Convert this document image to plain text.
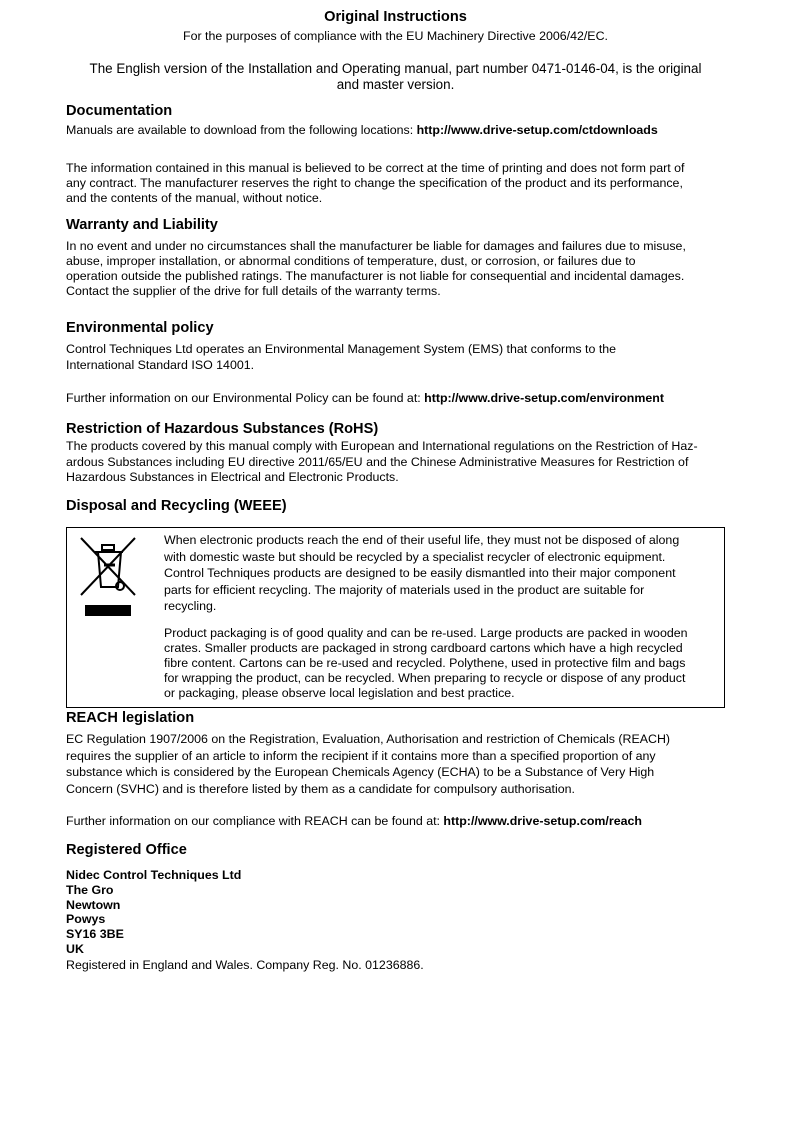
Original Instructions
For the purposes of compliance with the EU Machinery Directive 2006/42/EC.
The English version of the Installation and Operating manual, part number 0471-0146-04, is the original
and master version.
Documentation
Manuals are available to download from the following locations: http://www.drive-setup.com/ctdownloads
The information contained in this manual is believed to be correct at the time of printing and does not form part of
any contract. The manufacturer reserves the right to change the specification of the product and its performance,
and the contents of the manual, without notice.
Warranty and Liability
In no event and under no circumstances shall the manufacturer be liable for damages and failures due to misuse,
abuse, improper installation, or abnormal conditions of temperature, dust, or corrosion, or failures due to
operation outside the published ratings. The manufacturer is not liable for consequential and incidental damages.
Contact the supplier of the drive for full details of the warranty terms.
Environmental policy
Control Techniques Ltd operates an Environmental Management System (EMS) that conforms to the
International Standard ISO 14001.
Further information on our Environmental Policy can be found at: http://www.drive-setup.com/environment
Restriction of Hazardous Substances (RoHS)
The products covered by this manual comply with European and International regulations on the Restriction of Haz-
ardous Substances including EU directive 2011/65/EU and the Chinese Administrative Measures for Restriction of
Hazardous Substances in Electrical and Electronic Products.
Disposal and Recycling (WEEE)
When electronic products reach the end of their useful life, they must not be disposed of along
with domestic waste but should be recycled by a specialist recycler of electronic equipment.
Control Techniques products are designed to be easily dismantled into their major component
parts for efficient recycling. The majority of materials used in the product are suitable for
recycling.
Product packaging is of good quality and can be re-used. Large products are packed in wooden
crates. Smaller products are packaged in strong cardboard cartons which have a high recycled
fibre content. Cartons can be re-used and recycled. Polythene, used in protective film and bags
for wrapping the product, can be recycled. When preparing to recycle or dispose of any product
or packaging, please observe local legislation and best practice.
REACH legislation
EC Regulation 1907/2006 on the Registration, Evaluation, Authorisation and restriction of Chemicals (REACH)
requires the supplier of an article to inform the recipient if it contains more than a specified proportion of any
substance which is considered by the European Chemicals Agency (ECHA) to be a Substance of Very High
Concern (SVHC) and is therefore listed by them as a candidate for compulsory authorisation.
Further information on our compliance with REACH can be found at: http://www.drive-setup.com/reach
Registered Office
Nidec Control Techniques Ltd
The Gro
Newtown
Powys
SY16 3BE
UK
Registered in England and Wales. Company Reg. No. 01236886.
